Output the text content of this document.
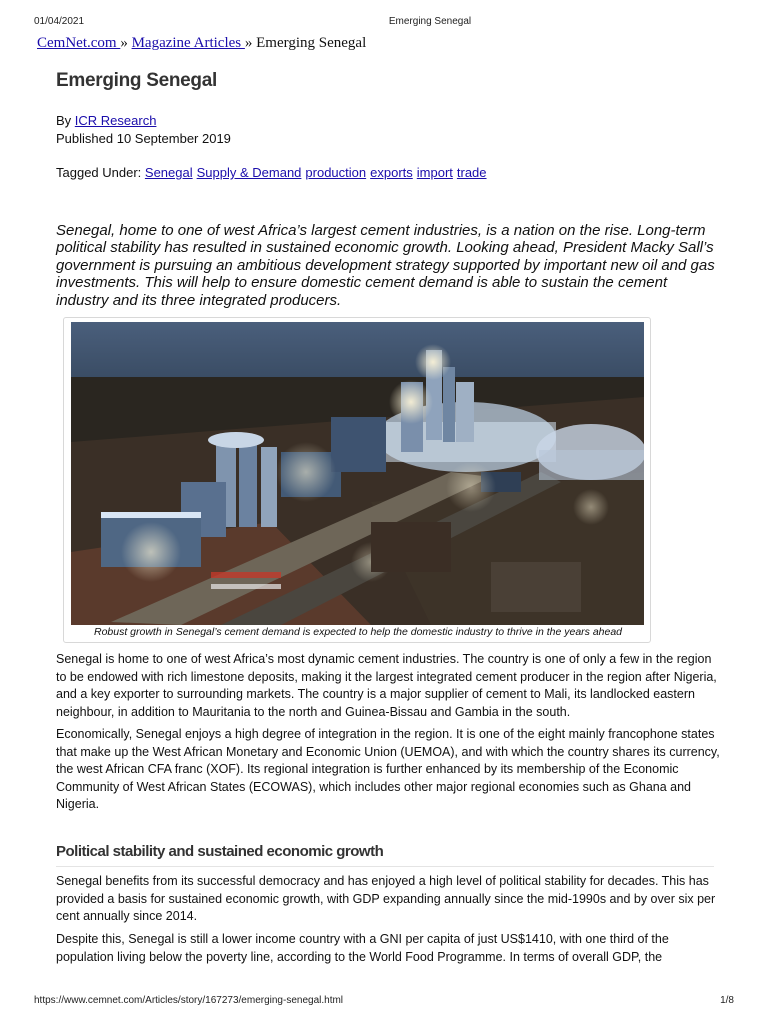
01/04/2021	Emerging Senegal
CemNet.com » Magazine Articles » Emerging Senegal
Emerging Senegal
By ICR Research
Published 10 September 2019
Tagged Under: Senegal Supply & Demand production exports import trade

Senegal, home to one of west Africa’s largest cement industries, is a nation on the rise. Long-term political stability has resulted in sustained economic growth. Looking ahead, President Macky Sall’s government is pursuing an ambitious development strategy supported by important new oil and gas investments. This will help to ensure domestic cement demand is able to sustain the cement industry and its three integrated producers.

Robust growth in Senegal’s cement demand is expected to help the domestic industry to thrive in the years ahead

Senegal is home to one of west Africa’s most dynamic cement industries. The country is one of only a few in the region to be endowed with rich limestone deposits, making it the largest integrated cement producer in the region after Nigeria, and a key exporter to surrounding markets. The country is a major supplier of cement to Mali, its landlocked eastern neighbour, in addition to Mauritania to the north and Guinea-Bissau and Gambia in the south.

Economically, Senegal enjoys a high degree of integration in the region. It is one of the eight mainly francophone states that make up the West African Monetary and Economic Union (UEMOA), and with which the country shares its currency, the west African CFA franc (XOF). Its regional integration is further enhanced by its membership of the Economic Community of West African States (ECOWAS), which includes other major regional economies such as Ghana and Nigeria.

Political stability and sustained economic growth

Senegal benefits from its successful democracy and has enjoyed a high level of political stability for decades. This has provided a basis for sustained economic growth, with GDP expanding annually since the mid-1990s and by over six per cent annually since 2014.

Despite this, Senegal is still a lower income country with a GNI per capita of just US$1410, with one third of the population living below the poverty line, according to the World Food Programme. In terms of overall GDP, the

https://www.cemnet.com/Articles/story/167273/emerging-senegal.html	1/8
